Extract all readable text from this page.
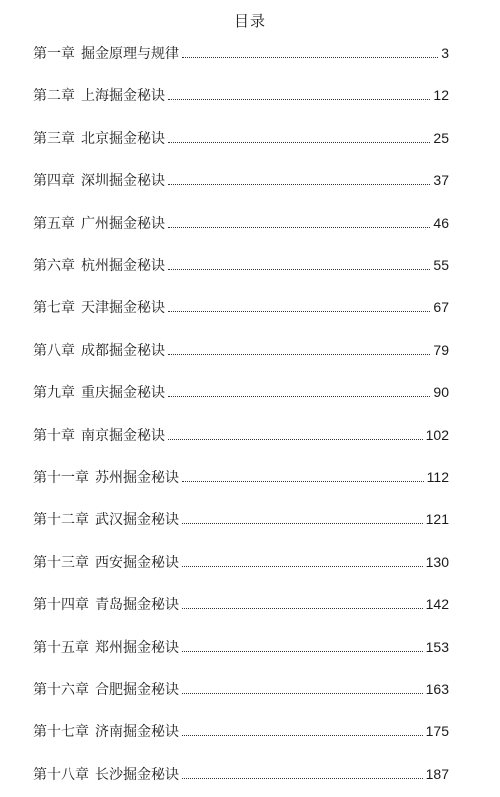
目录
第一章 掘金原理与规律	3
第二章 上海掘金秘诀	12
第三章 北京掘金秘诀	25
第四章 深圳掘金秘诀	37
第五章 广州掘金秘诀	46
第六章 杭州掘金秘诀	55
第七章 天津掘金秘诀	67
第八章 成都掘金秘诀	79
第九章 重庆掘金秘诀	90
第十章 南京掘金秘诀	102
第十一章 苏州掘金秘诀	112
第十二章 武汉掘金秘诀	121
第十三章 西安掘金秘诀	130
第十四章 青岛掘金秘诀	142
第十五章 郑州掘金秘诀	153
第十六章 合肥掘金秘诀	163
第十七章 济南掘金秘诀	175
第十八章 长沙掘金秘诀	187
